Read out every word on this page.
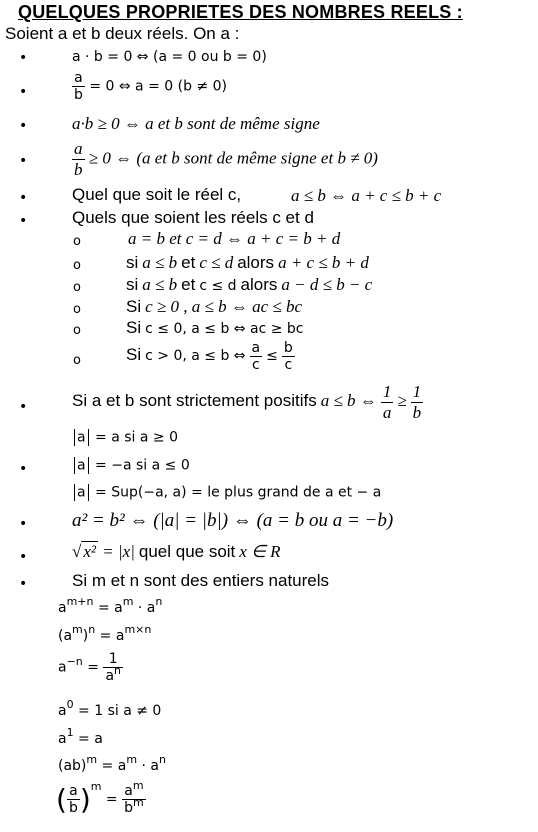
QUELQUES PROPRIETES DES NOMBRES REELS :
Soient a et b deux réels. On a :
•	a · b = 0 ⇔ (a = 0 ou b = 0)
•	$\frac{a}{b} = 0$ ⇔ a = 0 (b ≠ 0)
•	a·b ≥ 0 ⇔ a et b sont de même signe
•	$\frac{a}{b} \ge 0$ ⇔ (a et b sont de même signe et b ≠ 0)
•	Quel que soit le réel c,	a ≤ b ⇔ a + c ≤ b + c
•	Quels que soient les réels c et d
o	a = b et c = d ⇔ a + c = b + d
o	si a ≤ b et c ≤ d alors a + c ≤ b + d
o	si a ≤ b et c ≤ d alors a − d ≤ b − c
o	Si c ≥ 0 , a ≤ b ⇔ ac ≤ bc
o	Si c ≤ 0, a ≤ b ⇔ ac ≥ bc
o	Si c > 0, a ≤ b ⇔ $\frac{a}{c} \le \frac{b}{c}$
•	Si a et b sont strictement positifs a ≤ b ⇔ $\frac{1}{a} \ge \frac{1}{b}$
a = a si a ≥ 0
•	a = −a si a ≤ 0
a = Sup(−a, a) = le plus grand de a et − a
• a² = b² ⇔ (|a| = |b|) ⇔ (a = b ou a = −b)
•	√ x² = |x| quel que soit x ∈ R
•	Si m et n sont des entiers naturels
$a^{m+n} = a^m \cdot a^n$
$(a^m)^n = a^{m\times n}$
$a^{-n} = \frac{1}{a^n}$
$a^0 = 1$ si a ≠ 0
$a^1 = a$
$(ab)^m = a^m \cdot a^n$
( $\frac{a}{b} )^m = \frac{a^m}{b^m}$
